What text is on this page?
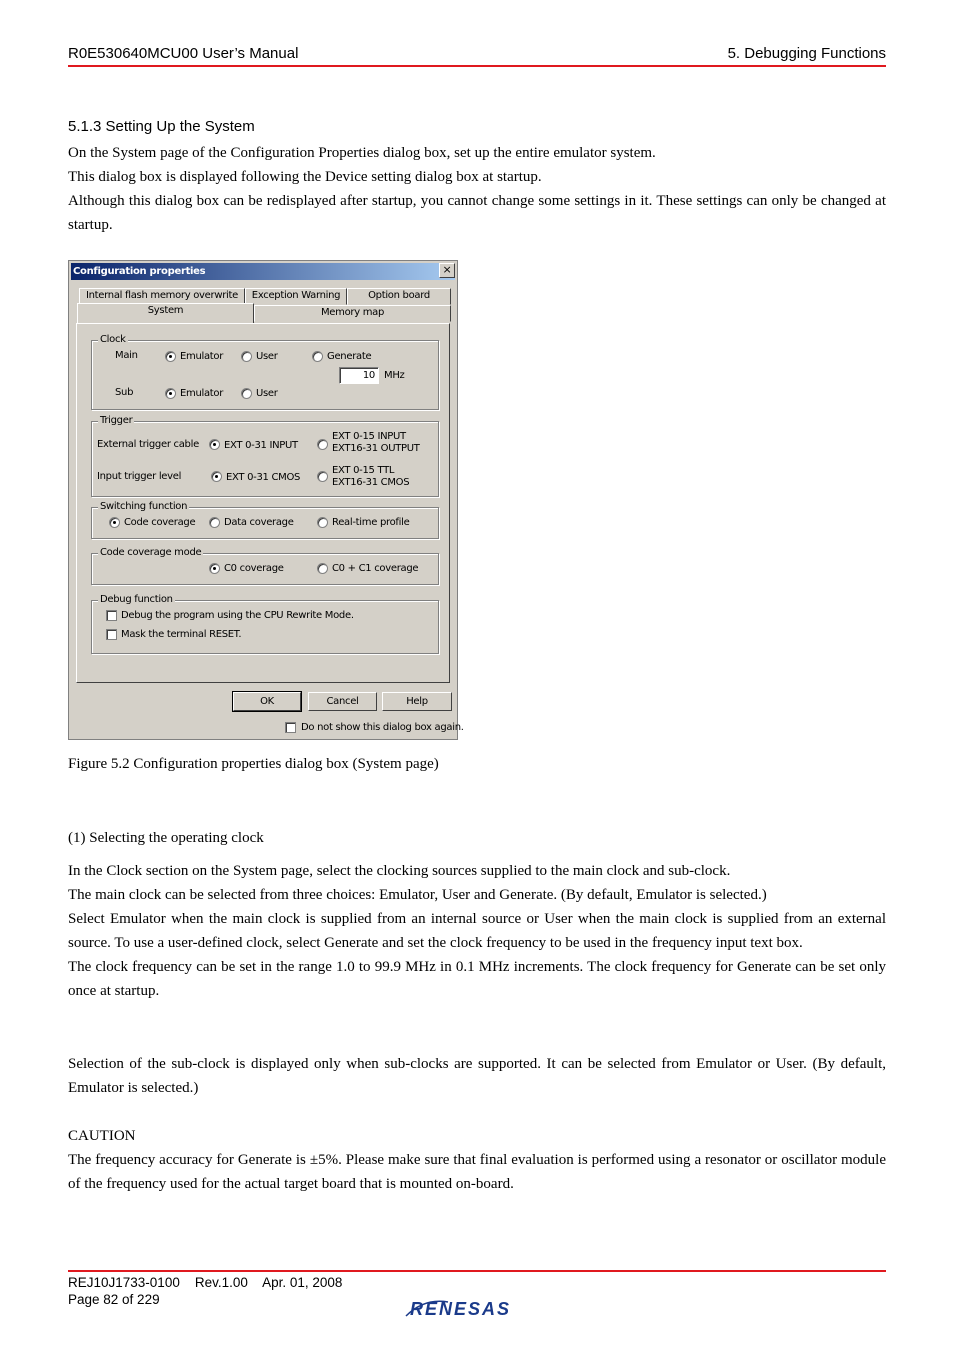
R0E530640MCU00 User’s Manual	5. Debugging Functions
5.1.3 Setting Up the System

On the System page of the Configuration Properties dialog box, set up the entire emulator system.

This dialog box is displayed following the Device setting dialog box at startup.

Although this dialog box can be redisplayed after startup, you cannot change some settings in it. These settings can only be changed at startup.

Configuration properties	×
Internal flash memory overwrite	Exception Warning	Option board
Memory map
System
Clock
Main	Emulator	User	Generate
10 MHz
Sub	Emulator	User
Trigger
External trigger cable	EXT 0-31 INPUT
EXT 0-15 INPUT
EXT16-31 OUTPUT
Input trigger level	EXT 0-31 CMOS
EXT 0-15 TTL
EXT16-31 CMOS
Switching function
Code coverage	Data coverage	Real-time profile
Code coverage mode
C0 coverage	C0 + C1 coverage
Debug function
Debug the program using the CPU Rewrite Mode.
Mask the terminal RESET.
OK	Cancel	Help
Do not show this dialog box again.
Figure 5.2 Configuration properties dialog box (System page)
(1) Selecting the operating clock

In the Clock section on the System page, select the clocking sources supplied to the main clock and sub-clock.

The main clock can be selected from three choices: Emulator, User and Generate. (By default, Emulator is selected.)

Select Emulator when the main clock is supplied from an internal source or User when the main clock is supplied from an external source. To use a user-defined clock, select Generate and set the clock frequency to be used in the frequency input text box.

The clock frequency can be set in the range 1.0 to 99.9 MHz in 0.1 MHz increments. The clock frequency for Generate can be set only once at startup.

Selection of the sub-clock is displayed only when sub-clocks are supported. It can be selected from Emulator or User. (By default, Emulator is selected.)
CAUTION
The frequency accuracy for Generate is ±5%. Please make sure that final evaluation is performed using a resonator or oscillator module of the frequency used for the actual target board that is mounted on-board.
REJ10J1733-0100    Rev.1.00    Apr. 01, 2008
Page 82 of 229	RENESAS
